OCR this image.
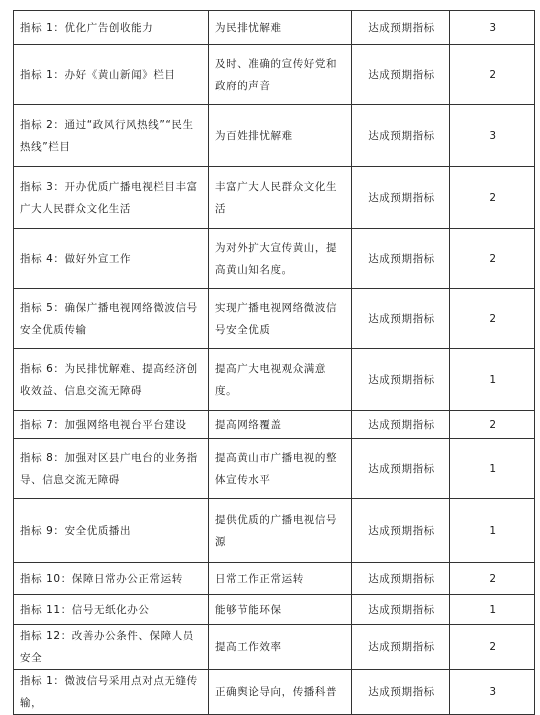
指标 1：优化广告创收能力	为民排忧解难	达成预期指标	3
指标 1：办好《黄山新闻》栏目	及时、准确的宣传好党和政府的声音	达成预期指标	2
指标 2：通过“政风行风热线”“民生热线”栏目	为百姓排忧解难	达成预期指标	3
指标 3：开办优质广播电视栏目丰富广大人民群众文化生活	丰富广大人民群众文化生活	达成预期指标	2
指标 4：做好外宣工作	为对外扩大宣传黄山，提高黄山知名度。	达成预期指标	2
指标 5：确保广播电视网络微波信号安全优质传输	实现广播电视网络微波信号安全优质	达成预期指标	2
指标 6：为民排忧解难、提高经济创收效益、信息交流无障碍	提高广大电视观众满意度。	达成预期指标	1
指标 7：加强网络电视台平台建设	提高网络覆盖	达成预期指标	2
指标 8：加强对区县广电台的业务指导、信息交流无障碍	提高黄山市广播电视的整体宣传水平	达成预期指标	1
指标 9：安全优质播出	提供优质的广播电视信号源	达成预期指标	1
指标 10：保障日常办公正常运转	日常工作正常运转	达成预期指标	2
指标 11：信号无纸化办公	能够节能环保	达成预期指标	1
指标 12：改善办公条件、保障人员安全	提高工作效率	达成预期指标	2
指标 1：微波信号采用点对点无缝传输，	正确舆论导向，传播科普	达成预期指标	3
